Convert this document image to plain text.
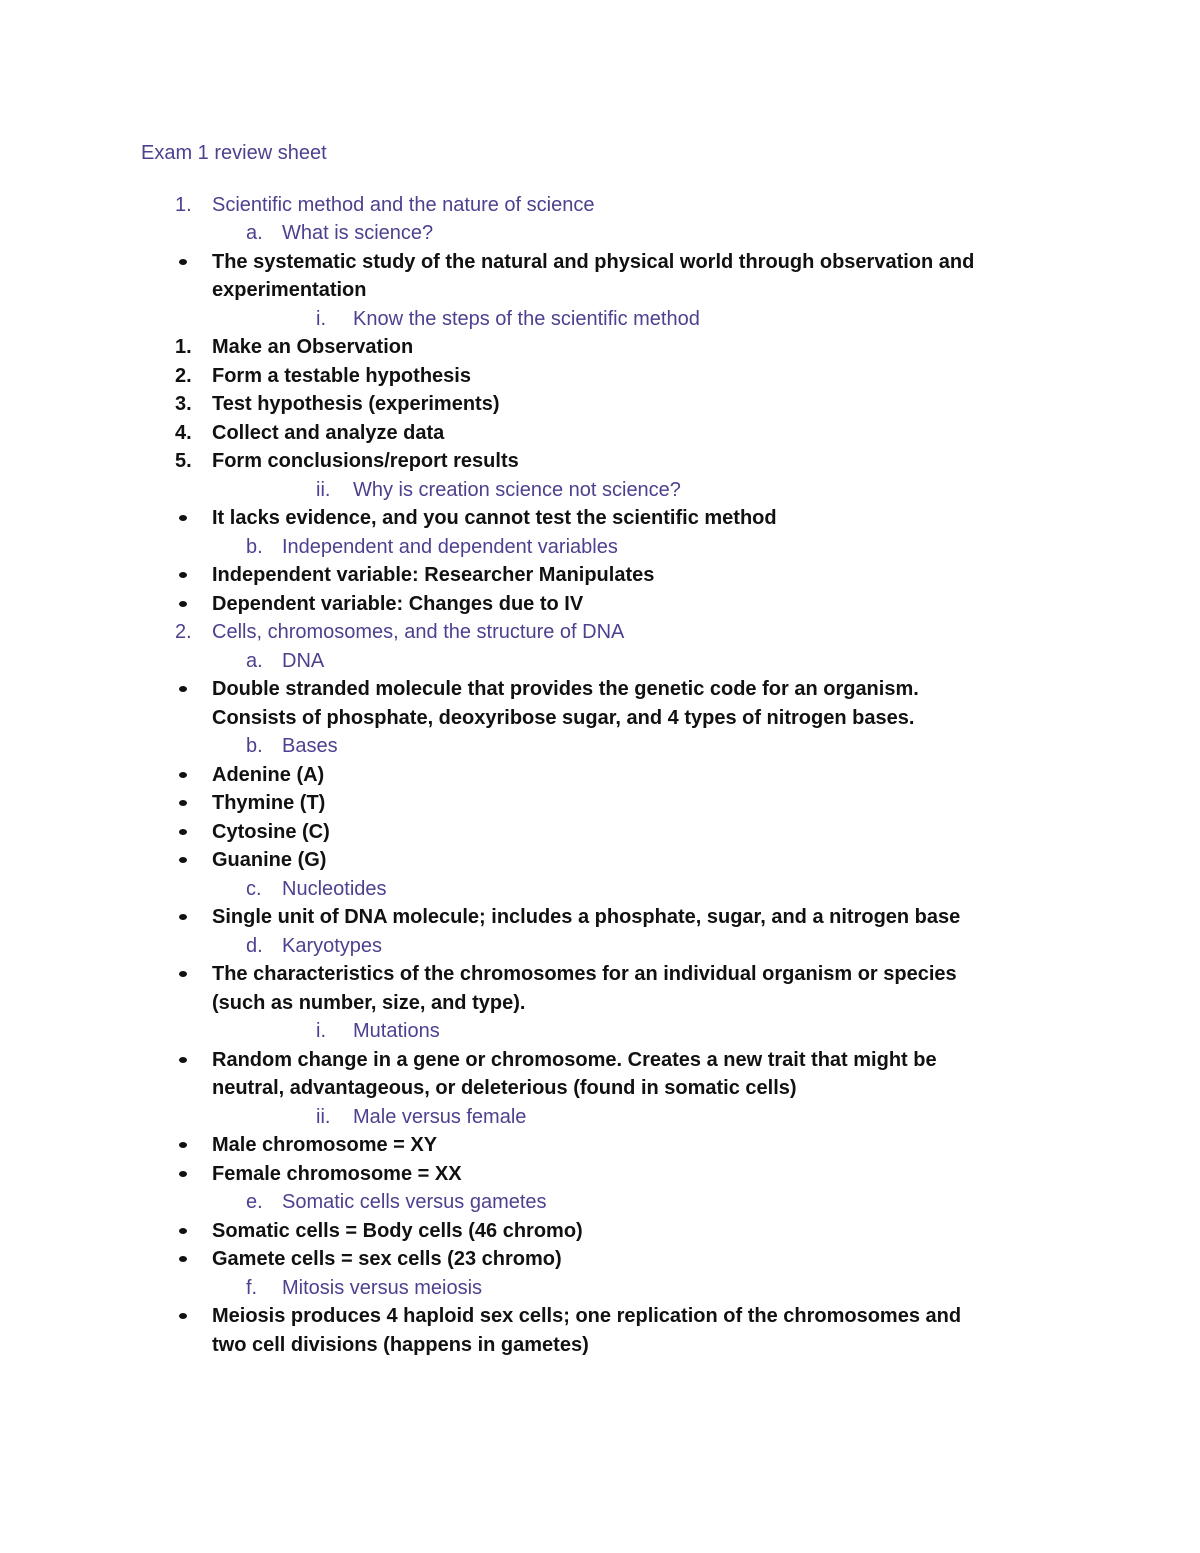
Exam 1 review sheet
1. Scientific method and the nature of science
a. What is science?
The systematic study of the natural and physical world through observation and
experimentation
i. Know the steps of the scientific method
1. Make an Observation
2. Form a testable hypothesis
3. Test hypothesis (experiments)
4. Collect and analyze data
5. Form conclusions/report results
ii. Why is creation science not science?
It lacks evidence, and you cannot test the scientific method
b. Independent and dependent variables
Independent variable: Researcher Manipulates
Dependent variable: Changes due to IV
2. Cells, chromosomes, and the structure of DNA
a. DNA
Double stranded molecule that provides the genetic code for an organism.
Consists of phosphate, deoxyribose sugar, and 4 types of nitrogen bases.
b. Bases
Adenine (A)
Thymine (T)
Cytosine (C)
Guanine (G)
c. Nucleotides
Single unit of DNA molecule; includes a phosphate, sugar, and a nitrogen base
d. Karyotypes
The characteristics of the chromosomes for an individual organism or species
(such as number, size, and type).
i. Mutations
Random change in a gene or chromosome. Creates a new trait that might be
neutral, advantageous, or deleterious (found in somatic cells)
ii. Male versus female
Male chromosome = XY
Female chromosome = XX
e. Somatic cells versus gametes
Somatic cells = Body cells (46 chromo)
Gamete cells = sex cells (23 chromo)
f. Mitosis versus meiosis
Meiosis produces 4 haploid sex cells; one replication of the chromosomes and
two cell divisions (happens in gametes)
